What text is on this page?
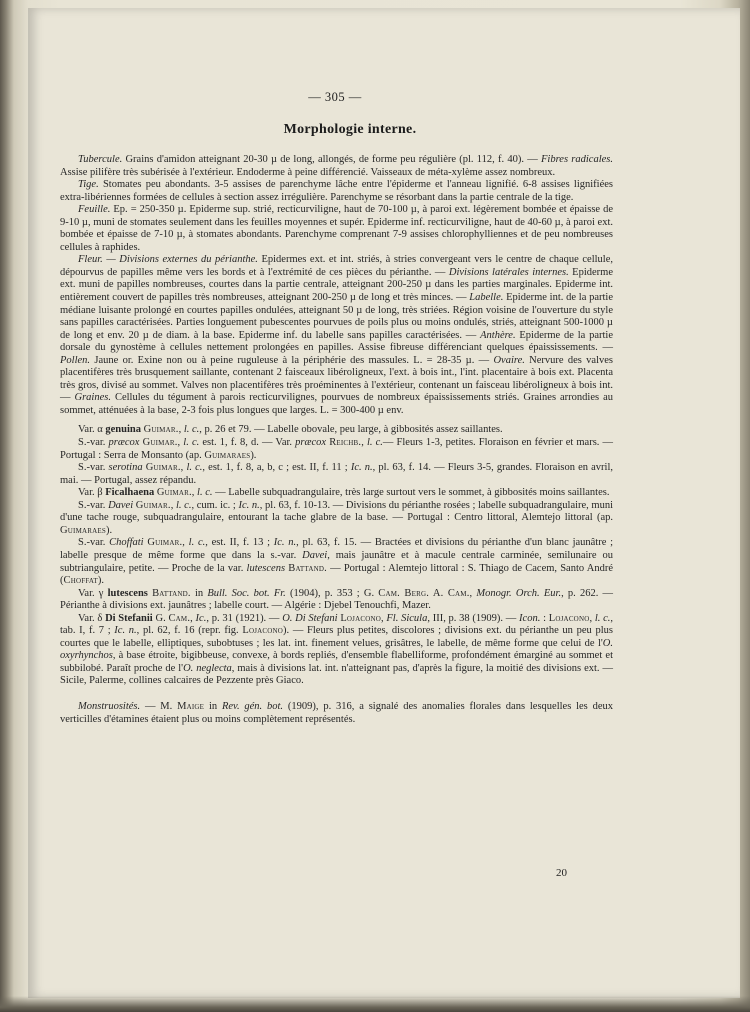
— 305 —
Morphologie interne.

Tubercule. Grains d'amidon atteignant 20-30 µ de long, allongés, de forme peu régulière (pl. 112, f. 40). — Fibres radicales. Assise pilifère très subérisée à l'extérieur. Endoderme à peine différencié. Vaisseaux de méta-xylème assez nombreux.

Tige. Stomates peu abondants. 3-5 assises de parenchyme lâche entre l'épiderme et l'anneau lignifié. 6-8 assises lignifiées extra-libériennes formées de cellules à section assez irrégulière. Parenchyme se résorbant dans la partie centrale de la tige.

Feuille. Ep. = 250-350 µ. Epiderme sup. strié, recticurviligne, haut de 70-100 µ, à paroi ext. légèrement bombée et épaisse de 9-10 µ, muni de stomates seulement dans les feuilles moyennes et supér. Epiderme inf. recticurviligne, haut de 40-60 µ, à paroi ext. bombée et épaisse de 7-10 µ, à stomates abondants. Parenchyme comprenant 7-9 assises chlorophylliennes et de peu nombreuses cellules à raphides.

Fleur. — Divisions externes du périanthe. Epidermes ext. et int. striés, à stries convergeant vers le centre de chaque cellule, dépourvus de papilles même vers les bords et à l'extrémité de ces pièces du périanthe. — Divisions latérales internes. Epiderme ext. muni de papilles nombreuses, courtes dans la partie centrale, atteignant 200-250 µ dans les parties marginales. Epiderme int. entièrement couvert de papilles très nombreuses, atteignant 200-250 µ de long et très minces. — Labelle. Epiderme int. de la partie médiane luisante prolongé en courtes papilles ondulées, atteignant 50 µ de long, très striées. Région voisine de l'ouverture du style sans papilles caractérisées. Parties longuement pubescentes pourvues de poils plus ou moins ondulés, striés, atteignant 500-1000 µ de long et env. 20 µ de diam. à la base. Epiderme inf. du labelle sans papilles caractérisées. — Anthère. Epiderme de la partie dorsale du gynostème à cellules nettement prolongées en papilles. Assise fibreuse différenciant quelques épaississements. — Pollen. Jaune or. Exine non ou à peine ruguleuse à la périphérie des massules. L. = 28-35 µ. — Ovaire. Nervure des valves placentifères très brusquement saillante, contenant 2 faisceaux libéroligneux, l'ext. à bois int., l'int. placentaire à bois ext. Placenta très gros, divisé au sommet. Valves non placentifères très proéminentes à l'extérieur, contenant un faisceau libéroligneux à bois int. — Graines. Cellules du tégument à parois recticurvilignes, pourvues de nombreux épaississements striés. Graines arrondies au sommet, atténuées à la base, 2-3 fois plus longues que larges. L. = 300-400 µ env.

Var. α genuina Guimar., l. c., p. 26 et 79. — Labelle obovale, peu large, à gibbosités assez saillantes.

S.-var. præcox Guimar., l. c. est. 1, f. 8, d. — Var. præcox Reichb., l. c.— Fleurs 1-3, petites. Floraison en février et mars. — Portugal : Serra de Monsanto (ap. Guimaraes).

S.-var. serotina Guimar., l. c., est. 1, f. 8, a, b, c ; est. II, f. 11 ; Ic. n., pl. 63, f. 14. — Fleurs 3-5, grandes. Floraison en avril, mai. — Portugal, assez répandu.

Var. β Ficalhaena Guimar., l. c. — Labelle subquadrangulaire, très large surtout vers le sommet, à gibbosités moins saillantes.

S.-var. Davei Guimar., l. c., cum. ic. ; Ic. n., pl. 63, f. 10-13. — Divisions du périanthe rosées ; labelle subquadrangulaire, muni d'une tache rouge, subquadrangulaire, entourant la tache glabre de la base. — Portugal : Centro littoral, Alemtejo littoral (ap. Guimaraes).

S.-var. Choffati Guimar., l. c., est. II, f. 13 ; Ic. n., pl. 63, f. 15. — Bractées et divisions du périanthe d'un blanc jaunâtre ; labelle presque de même forme que dans la s.-var. Davei, mais jaunâtre et à macule centrale carminée, semilunaire ou subtriangulaire, petite. — Proche de la var. lutescens Battand. — Portugal : Alemtejo littoral : S. Thiago de Cacem, Santo André (Choffat).

Var. γ lutescens Battand. in Bull. Soc. bot. Fr. (1904), p. 353 ; G. Cam. Berg. A. Cam., Monogr. Orch. Eur., p. 262. — Périanthe à divisions ext. jaunâtres ; labelle court. — Algérie : Djebel Tenouchfi, Mazer.

Var. δ Di Stefanii G. Cam., Ic., p. 31 (1921). — O. Di Stefani Lojacono, Fl. Sicula, III, p. 38 (1909). — Icon. : Lojacono, l. c., tab. I, f. 7 ; Ic. n., pl. 62, f. 16 (repr. fig. Lojacono). — Fleurs plus petites, discolores ; divisions ext. du périanthe un peu plus courtes que le labelle, elliptiques, subobtuses ; les lat. int. finement velues, grisâtres, le labelle, de même forme que celui de l'O. oxyrhynchos, à base étroite, bigibbeuse, convexe, à bords repliés, d'ensemble flabelliforme, profondément émarginé au sommet et subbilobé. Paraît proche de l'O. neglecta, mais à divisions lat. int. n'atteignant pas, d'après la figure, la moitié des divisions ext. — Sicile, Palerme, collines calcaires de Pezzente près Giaco.

Monstruosités. — M. Maige in Rev. gén. bot. (1909), p. 316, a signalé des anomalies florales dans lesquelles les deux verticilles d'étamines étaient plus ou moins complètement représentés.

20
